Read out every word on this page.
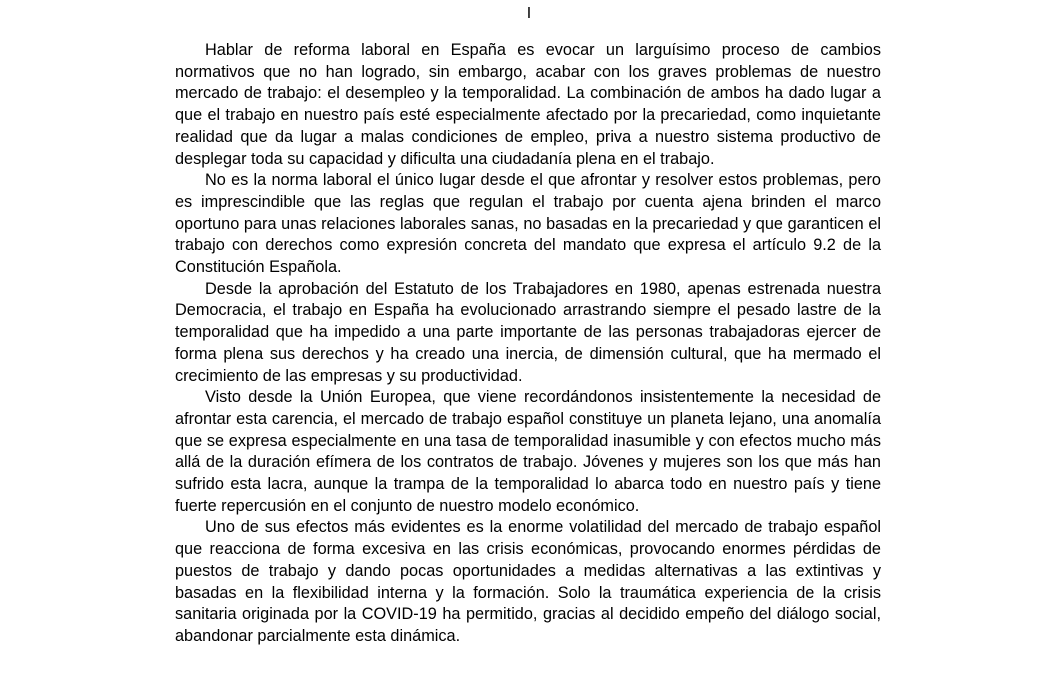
I

Hablar de reforma laboral en España es evocar un larguísimo proceso de cambios normativos que no han logrado, sin embargo, acabar con los graves problemas de nuestro mercado de trabajo: el desempleo y la temporalidad. La combinación de ambos ha dado lugar a que el trabajo en nuestro país esté especialmente afectado por la precariedad, como inquietante realidad que da lugar a malas condiciones de empleo, priva a nuestro sistema productivo de desplegar toda su capacidad y dificulta una ciudadanía plena en el trabajo.

No es la norma laboral el único lugar desde el que afrontar y resolver estos problemas, pero es imprescindible que las reglas que regulan el trabajo por cuenta ajena brinden el marco oportuno para unas relaciones laborales sanas, no basadas en la precariedad y que garanticen el trabajo con derechos como expresión concreta del mandato que expresa el artículo 9.2 de la Constitución Española.

Desde la aprobación del Estatuto de los Trabajadores en 1980, apenas estrenada nuestra Democracia, el trabajo en España ha evolucionado arrastrando siempre el pesado lastre de la temporalidad que ha impedido a una parte importante de las personas trabajadoras ejercer de forma plena sus derechos y ha creado una inercia, de dimensión cultural, que ha mermado el crecimiento de las empresas y su productividad.

Visto desde la Unión Europea, que viene recordándonos insistentemente la necesidad de afrontar esta carencia, el mercado de trabajo español constituye un planeta lejano, una anomalía que se expresa especialmente en una tasa de temporalidad inasumible y con efectos mucho más allá de la duración efímera de los contratos de trabajo. Jóvenes y mujeres son los que más han sufrido esta lacra, aunque la trampa de la temporalidad lo abarca todo en nuestro país y tiene fuerte repercusión en el conjunto de nuestro modelo económico.

Uno de sus efectos más evidentes es la enorme volatilidad del mercado de trabajo español que reacciona de forma excesiva en las crisis económicas, provocando enormes pérdidas de puestos de trabajo y dando pocas oportunidades a medidas alternativas a las extintivas y basadas en la flexibilidad interna y la formación. Solo la traumática experiencia de la crisis sanitaria originada por la COVID-19 ha permitido, gracias al decidido empeño del diálogo social, abandonar parcialmente esta dinámica.
